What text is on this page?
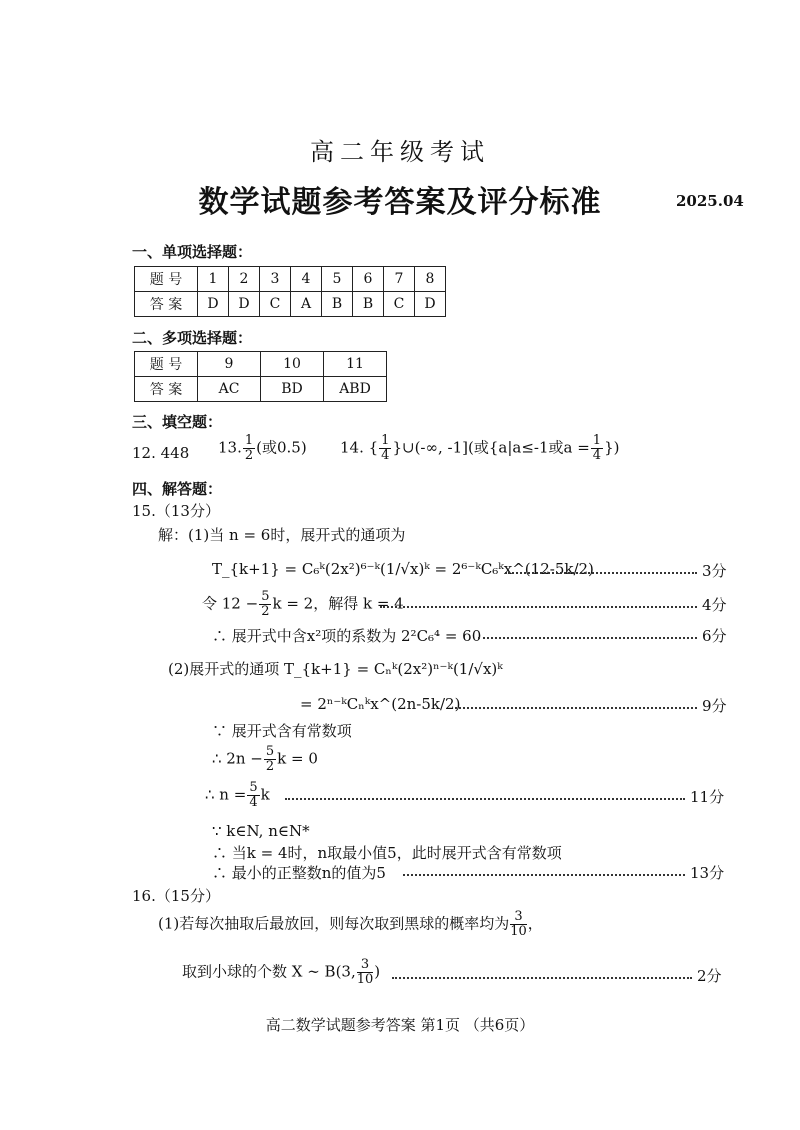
高二年级考试
数学试题参考答案及评分标准	2025.04
一、单项选择题：
题 号	1	2	3	4	5	6	7	8
答 案	D	D	C	A	B	B	C	D
二、多项选择题：
题 号	9	10	11
答 案	AC	BD	ABD
三、填空题：
12. 448 13. $\frac{1}{2}$ (或0.5) 14. { $\frac{1}{4}$ }∪(-∞, -1](或{a|a≤-1或$a = \frac{1}{4}$ })
四、解答题：
15.（13分）
解：(1)当 n = 6时，展开式的通项为
T_{k+1} = C₆ᵏ(2x²)⁶⁻ᵏ(1/√x)ᵏ = 2⁶⁻ᵏC₆ᵏx^(12-5k/2)	3分
令 $12 - \frac{5}{2}$ k = 2，解得 k = 4	4分
∴ 展开式中含x²项的系数为 2²C₆⁴ = 60	6分
(2)展开式的通项 T_{k+1} = Cₙᵏ(2x²)ⁿ⁻ᵏ(1/√x)ᵏ
= 2ⁿ⁻ᵏCₙᵏx^(2n-5k/2)	9分
∵ 展开式含有常数项
∴ $2n - \frac{5}{2}$ k = 0
∴ $n = \frac{5}{4}$ k	11分
∵ k∈N, n∈N*
∴ 当k = 4时，n取最小值5，此时展开式含有常数项
∴ 最小的正整数n的值为5	13分
16.（15分）
(1)若每次抽取后最放回，则每次取到黑球的概率均为 $\frac{3}{10}$ ，
取到小球的个数 X ∼ B(3, $\frac{3}{10}$ )	2分
高二数学试题参考答案 第1页 （共6页）
